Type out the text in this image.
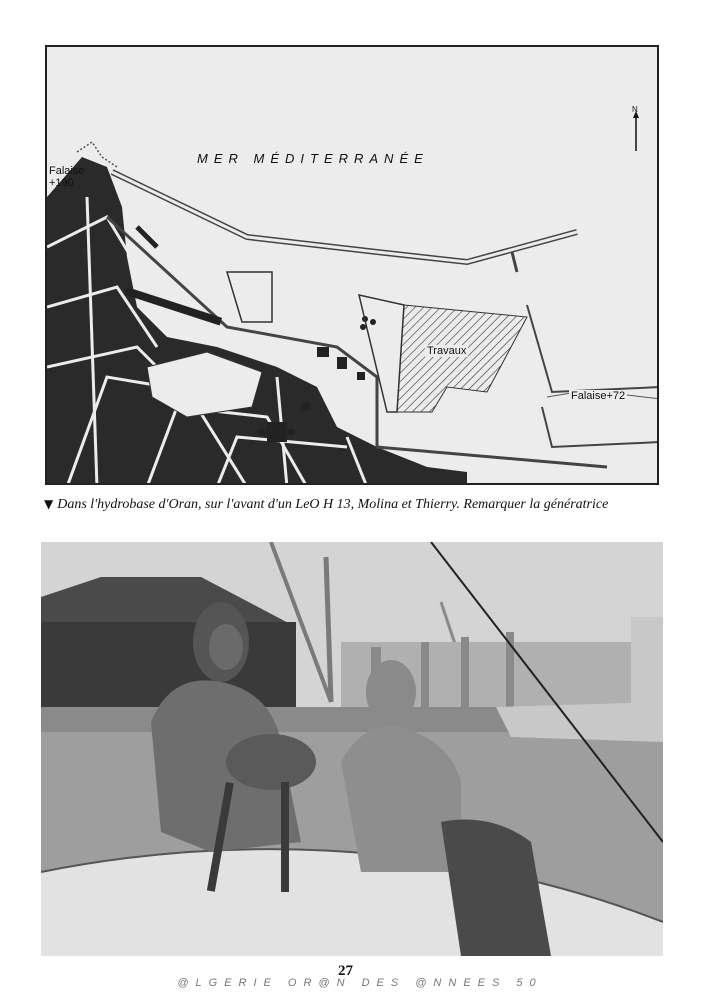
MER MÉDITERRANÉE
Falaise
+190
Travaux
Falaise+72
N
▼ Dans l'hydrobase d'Oran, sur l'avant d'un LeO H 13, Molina et Thierry. Remarquer la génératrice
27
@LGERIE OR@N DES @NNEES 50
